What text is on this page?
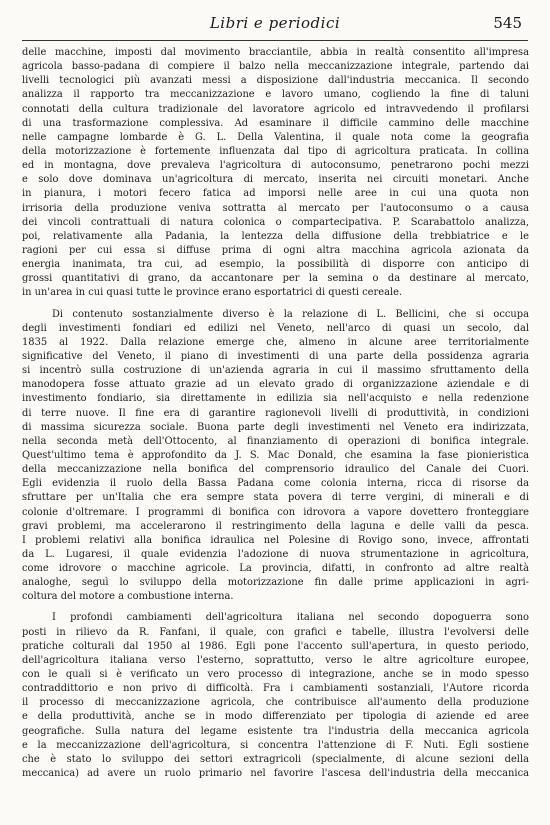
Libri e periodici	545
delle macchine, imposti dal movimento bracciantile, abbia in realtà consentito all'impresa
agricola basso-padana di compiere il balzo nella meccanizzazione integrale, partendo dai
livelli tecnologici più avanzati messi a disposizione dall'industria meccanica. Il secondo
analizza il rapporto tra meccanizzazione e lavoro umano, cogliendo la fine di taluni
connotati della cultura tradizionale del lavoratore agricolo ed intravvedendo il profilarsi
di una trasformazione complessiva. Ad esaminare il difficile cammino delle macchine
nelle campagne lombarde è G. L. Della Valentina, il quale nota come la geografia
della motorizzazione è fortemente influenzata dal tipo di agricoltura praticata. In collina
ed in montagna, dove prevaleva l'agricoltura di autoconsumo, penetrarono pochi mezzi
e solo dove dominava un'agricoltura di mercato, inserita nei circuiti monetari. Anche
in pianura, i motori fecero fatica ad imporsi nelle aree in cui una quota non
irrisoria della produzione veniva sottratta al mercato per l'autoconsumo o a causa
dei vincoli contrattuali di natura colonica o compartecipativa. P. Scarabattolo analizza,
poi, relativamente alla Padania, la lentezza della diffusione della trebbiatrice e le
ragioni per cui essa si diffuse prima di ogni altra macchina agricola azionata da
energia inanimata, tra cui, ad esempio, la possibilità di disporre con anticipo di
grossi quantitativi di grano, da accantonare per la semina o da destinare al mercato,
in un'area in cui quasi tutte le province erano esportatrici di questi cereale.
Di contenuto sostanzialmente diverso è la relazione di L. Bellicini, che si occupa
degli investimenti fondiari ed edilizi nel Veneto, nell'arco di quasi un secolo, dal
1835 al 1922. Dalla relazione emerge che, almeno in alcune aree territorialmente
significative del Veneto, il piano di investimenti di una parte della possidenza agraria
si incentrò sulla costruzione di un'azienda agraria in cui il massimo sfruttamento della
manodopera fosse attuato grazie ad un elevato grado di organizzazione aziendale e di
investimento fondiario, sia direttamente in edilizia sia nell'acquisto e nella redenzione
di terre nuove. Il fine era di garantire ragionevoli livelli di produttività, in condizioni
di massima sicurezza sociale. Buona parte degli investimenti nel Veneto era indirizzata,
nella seconda metà dell'Ottocento, al finanziamento di operazioni di bonifica integrale.
Quest'ultimo tema è approfondito da J. S. Mac Donald, che esamina la fase pionieristica
della meccanizzazione nella bonifica del comprensorio idraulico del Canale dei Cuori.
Egli evidenzia il ruolo della Bassa Padana come colonia interna, ricca di risorse da
sfruttare per un'Italia che era sempre stata povera di terre vergini, di minerali e di
colonie d'oltremare. I programmi di bonifica con idrovora a vapore dovettero fronteggiare
gravi problemi, ma accelerarono il restringimento della laguna e delle valli da pesca.
I problemi relativi alla bonifica idraulica nel Polesine di Rovigo sono, invece, affrontati
da L. Lugaresi, il quale evidenzia l'adozione di nuova strumentazione in agricoltura,
come idrovore o macchine agricole. La provincia, difatti, in confronto ad altre realtà
analoghe, seguì lo sviluppo della motorizzazione fin dalle prime applicazioni in agri-
coltura del motore a combustione interna.
I profondi cambiamenti dell'agricoltura italiana nel secondo dopoguerra sono
posti in rilievo da R. Fanfani, il quale, con grafici e tabelle, illustra l'evolversi delle
pratiche colturali dal 1950 al 1986. Egli pone l'accento sull'apertura, in questo periodo,
dell'agricoltura italiana verso l'esterno, soprattutto, verso le altre agricolture europee,
con le quali si è verificato un vero processo di integrazione, anche se in modo spesso
contraddittorio e non privo di difficoltà. Fra i cambiamenti sostanziali, l'Autore ricorda
il processo di meccanizzazione agricola, che contribuisce all'aumento della produzione
e della produttività, anche se in modo differenziato per tipologia di aziende ed aree
geografiche. Sulla natura del legame esistente tra l'industria della meccanica agricola
e la meccanizzazione dell'agricoltura, si concentra l'attenzione di F. Nuti. Egli sostiene
che è stato lo sviluppo dei settori extragricoli (specialmente, di alcune sezioni della
meccanica) ad avere un ruolo primario nel favorire l'ascesa dell'industria della meccanica
